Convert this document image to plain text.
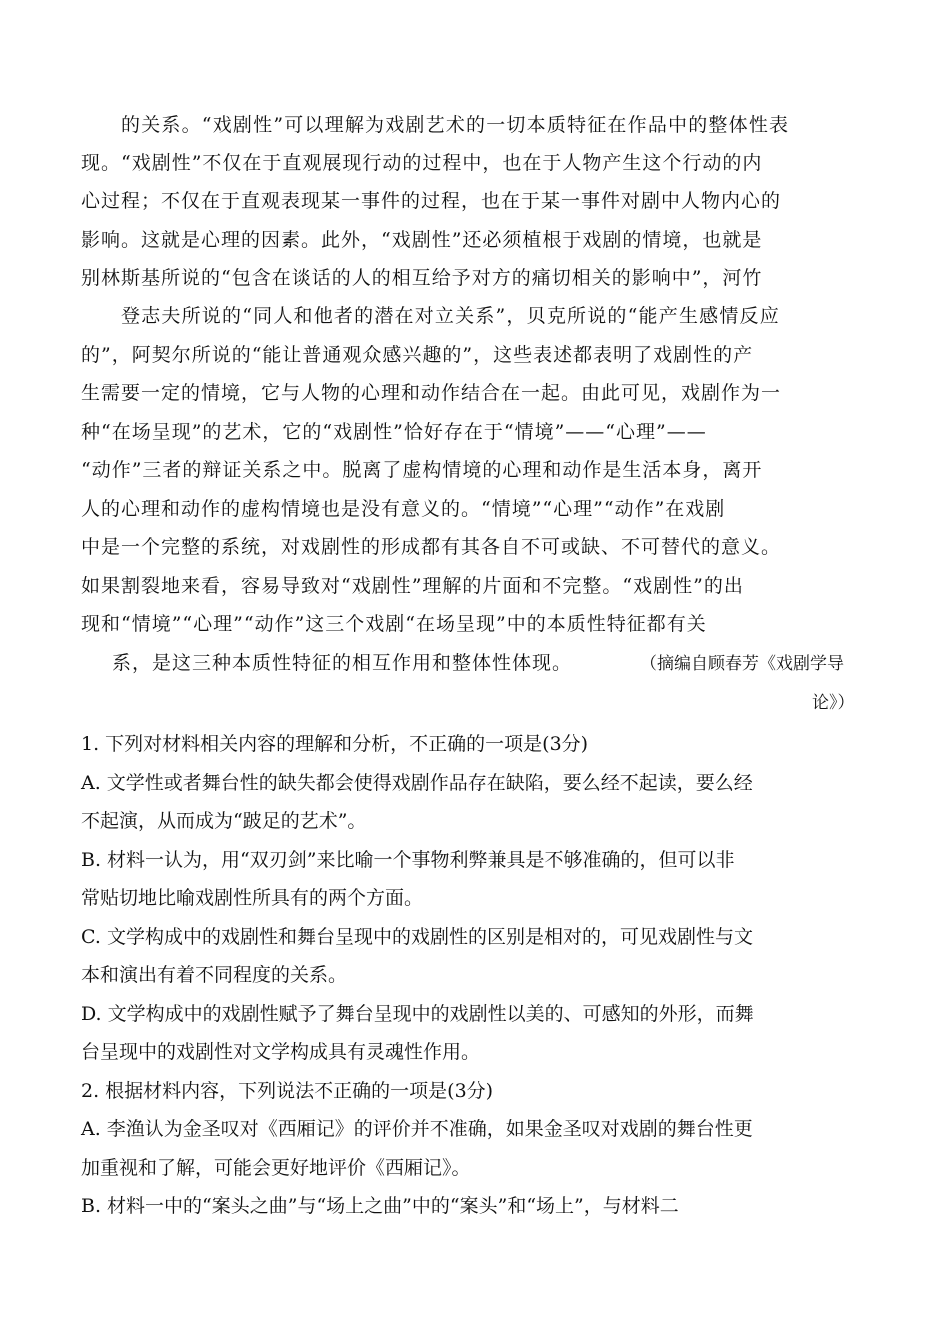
的关系。“戏剧性”可以理解为戏剧艺术的一切本质特征在作品中的整体性表
现。“戏剧性”不仅在于直观展现行动的过程中，也在于人物产生这个行动的内
心过程；不仅在于直观表现某一事件的过程，也在于某一事件对剧中人物内心的
影响。这就是心理的因素。此外，“戏剧性”还必须植根于戏剧的情境，也就是
别林斯基所说的“包含在谈话的人的相互给予对方的痛切相关的影响中”，河竹
登志夫所说的“同人和他者的潜在对立关系”，贝克所说的“能产生感情反应
的”，阿契尔所说的“能让普通观众感兴趣的”，这些表述都表明了戏剧性的产
生需要一定的情境，它与人物的心理和动作结合在一起。由此可见，戏剧作为一
种“在场呈现”的艺术，它的“戏剧性”恰好存在于“情境”——“心理”——
“动作”三者的辩证关系之中。脱离了虚构情境的心理和动作是生活本身，离开
人的心理和动作的虚构情境也是没有意义的。“情境”“心理”“动作”在戏剧
中是一个完整的系统，对戏剧性的形成都有其各自不可或缺、不可替代的意义。
如果割裂地来看，容易导致对“戏剧性”理解的片面和不完整。“戏剧性”的出
现和“情境”“心理”“动作”这三个戏剧“在场呈现”中的本质性特征都有关
系，是这三种本质性特征的相互作用和整体性体现。	（摘编自顾春芳《戏剧学导
论》）
1. 下列对材料相关内容的理解和分析，不正确的一项是(3分)
A. 文学性或者舞台性的缺失都会使得戏剧作品存在缺陷，要么经不起读，要么经
不起演，从而成为“跛足的艺术”。
B. 材料一认为，用“双刃剑”来比喻一个事物利弊兼具是不够准确的，但可以非
常贴切地比喻戏剧性所具有的两个方面。
C. 文学构成中的戏剧性和舞台呈现中的戏剧性的区别是相对的，可见戏剧性与文
本和演出有着不同程度的关系。
D. 文学构成中的戏剧性赋予了舞台呈现中的戏剧性以美的、可感知的外形，而舞
台呈现中的戏剧性对文学构成具有灵魂性作用。
2. 根据材料内容，下列说法不正确的一项是(3分)
A. 李渔认为金圣叹对《西厢记》的评价并不准确，如果金圣叹对戏剧的舞台性更
加重视和了解，可能会更好地评价《西厢记》。
B. 材料一中的“案头之曲”与“场上之曲”中的“案头”和“场上”，与材料二
